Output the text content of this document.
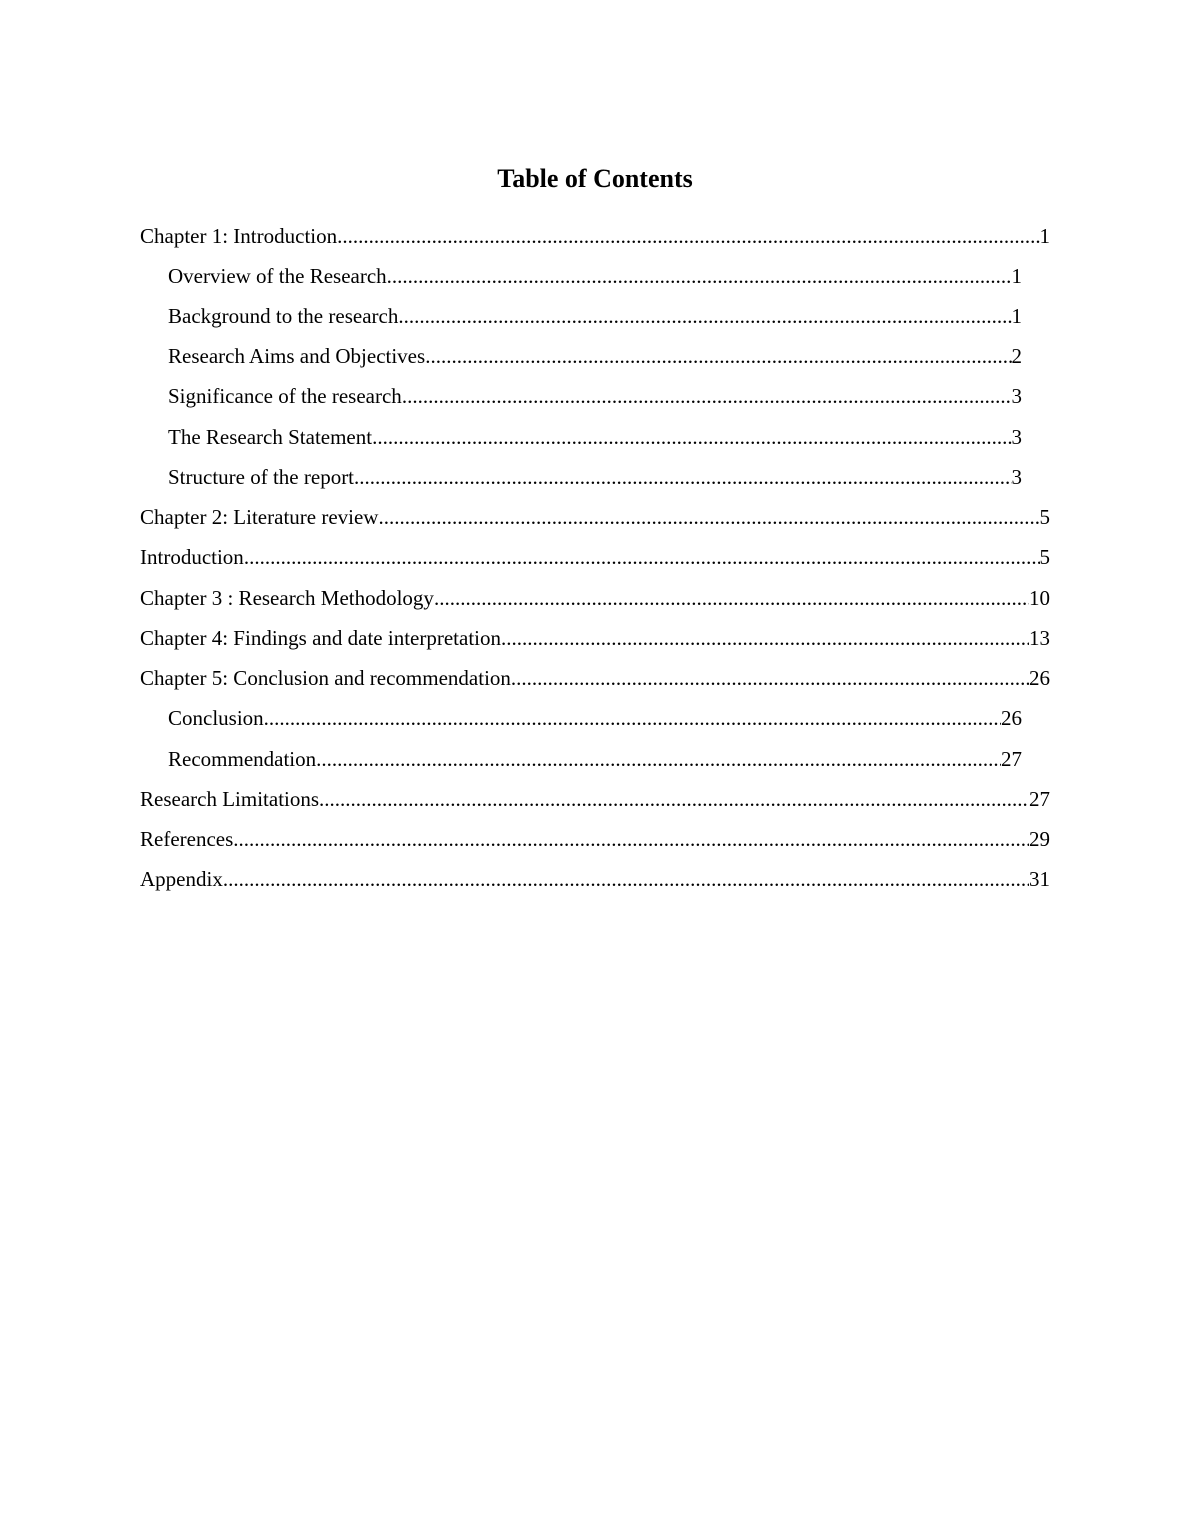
Table of Contents
Chapter 1: Introduction .....	1
Overview of the Research .....	1
Background to the research .....	1
Research Aims and Objectives .....	2
Significance of the research .....	3
The Research Statement .....	3
Structure of the report .....	3
Chapter 2: Literature review .....	5
Introduction .....	5
Chapter 3 : Research Methodology .....	10
Chapter 4: Findings and date interpretation .....	13
Chapter 5: Conclusion and recommendation .....	26
Conclusion .....	26
Recommendation .....	27
Research Limitations .....	27
References .....	29
Appendix .....	31
